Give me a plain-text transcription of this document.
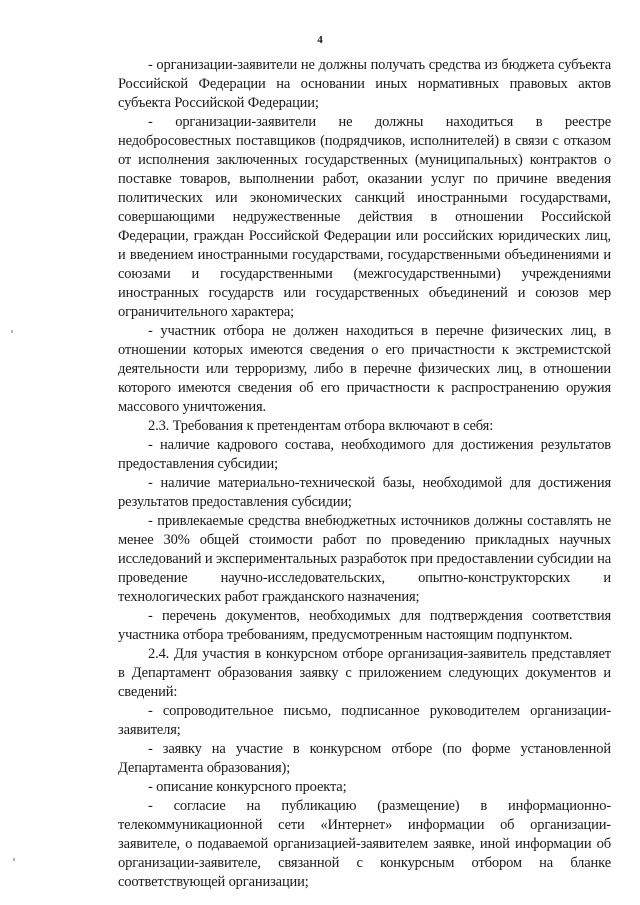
4

- организации-заявители не должны получать средства из бюджета субъекта Российской Федерации на основании иных нормативных правовых актов субъекта Российской Федерации;

- организации-заявители не должны находиться в реестре недобросовестных поставщиков (подрядчиков, исполнителей) в связи с отказом от исполнения заключенных государственных (муниципальных) контрактов о поставке товаров, выполнении работ, оказании услуг по причине введения политических или экономических санкций иностранными государствами, совершающими недружественные действия в отношении Российской Федерации, граждан Российской Федерации или российских юридических лиц, и введением иностранными государствами, государственными объединениями и союзами и государственными (межгосударственными) учреждениями иностранных государств или государственных объединений и союзов мер ограничительного характера;

- участник отбора не должен находиться в перечне физических лиц, в отношении которых имеются сведения о его причастности к экстремистской деятельности или терроризму, либо в перечне физических лиц, в отношении которого имеются сведения об его причастности к распространению оружия массового уничтожения.

2.3. Требования к претендентам отбора включают в себя:

- наличие кадрового состава, необходимого для достижения результатов предоставления субсидии;

- наличие материально-технической базы, необходимой для достижения результатов предоставления субсидии;

- привлекаемые средства внебюджетных источников должны составлять не менее 30% общей стоимости работ по проведению прикладных научных исследований и экспериментальных разработок при предоставлении субсидии на проведение научно-исследовательских, опытно-конструкторских и технологических работ гражданского назначения;

- перечень документов, необходимых для подтверждения соответствия участника отбора требованиям, предусмотренным настоящим подпунктом.

2.4. Для участия в конкурсном отборе организация-заявитель представляет в Департамент образования заявку с приложением следующих документов и сведений:

- сопроводительное письмо, подписанное руководителем организации-заявителя;

- заявку на участие в конкурсном отборе (по форме установленной Департамента образования);

- описание конкурсного проекта;

- согласие на публикацию (размещение) в информационно-телекоммуникационной сети «Интернет» информации об организации-заявителе, о подаваемой организацией-заявителем заявке, иной информации об организации-заявителе, связанной с конкурсным отбором на бланке соответствующей организации;
